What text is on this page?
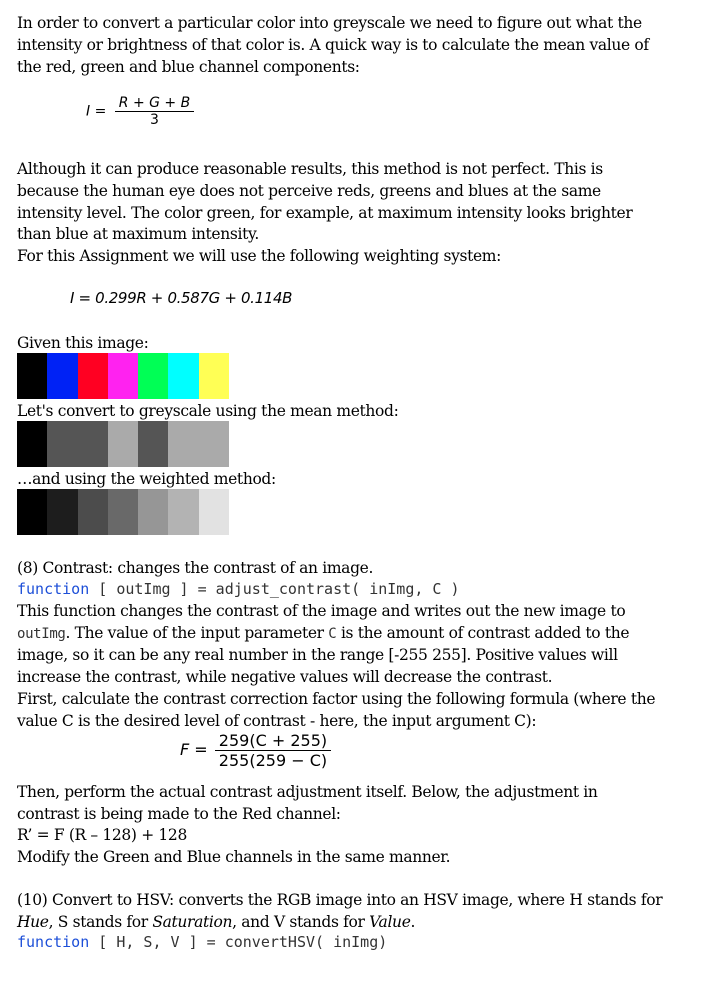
In order to convert a particular color into greyscale we need to figure out what the
intensity or brightness of that color is. A quick way is to calculate the mean value of
the red, green and blue channel components:
$I = \frac{R + G + B}{3}$
Although it can produce reasonable results, this method is not perfect. This is
because the human eye does not perceive reds, greens and blues at the same
intensity level. The color green, for example, at maximum intensity looks brighter
than blue at maximum intensity.
For this Assignment we will use the following weighting system:
I = 0.299R + 0.587G + 0.114B
Given this image:
Let's convert to greyscale using the mean method:
…and using the weighted method:
(8) Contrast: changes the contrast of an image.
function [ outImg ] = adjust_contrast( inImg, C )
This function changes the contrast of the image and writes out the new image to
outImg. The value of the input parameter C is the amount of contrast added to the
image, so it can be any real number in the range [-255 255]. Positive values will
increase the contrast, while negative values will decrease the contrast.
First, calculate the contrast correction factor using the following formula (where the
value C is the desired level of contrast - here, the input argument C):
$F = \frac{259(C + 255)}{255(259 - C)}$
Then, perform the actual contrast adjustment itself. Below, the adjustment in
contrast is being made to the Red channel:
R’ = F (R – 128) + 128
Modify the Green and Blue channels in the same manner.
(10) Convert to HSV: converts the RGB image into an HSV image, where H stands for
Hue, S stands for Saturation, and V stands for Value.
function [ H, S, V ] = convertHSV( inImg)
